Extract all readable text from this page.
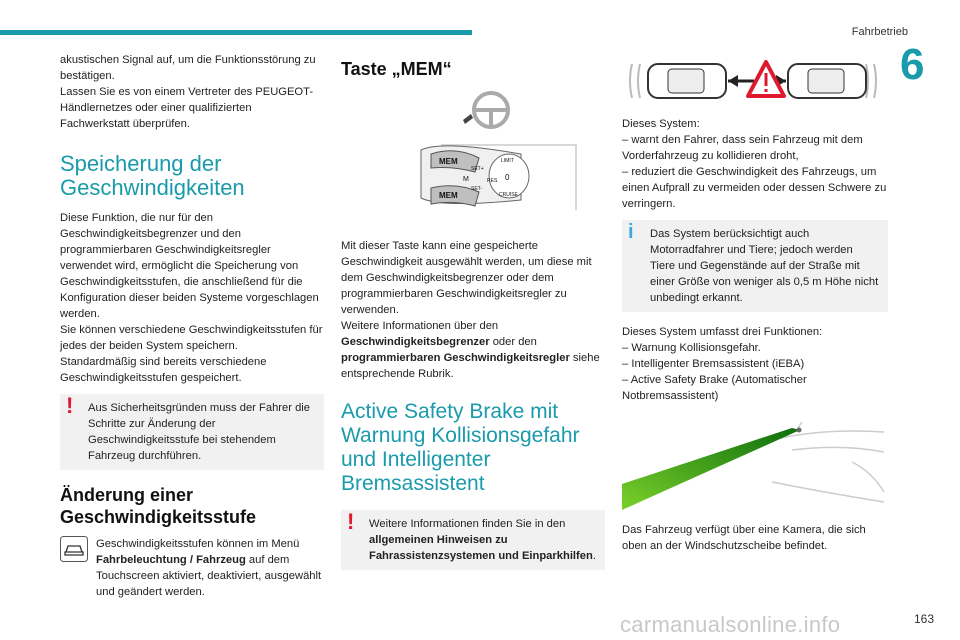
Fahrbetrieb
6

akustischen Signal auf, um die Funktionsstörung zu bestätigen.

Lassen Sie es von einem Vertreter des PEUGEOT-Händlernetzes oder einer qualifizierten Fachwerkstatt überprüfen.

Speicherung der Geschwindigkeiten

Diese Funktion, die nur für den Geschwindigkeitsbegrenzer und den programmierbaren Geschwindigkeitsregler verwendet wird, ermöglicht die Speicherung von Geschwindigkeitsstufen, die anschließend für die Konfiguration dieser beiden Systeme vorgeschlagen werden.

Sie können verschiedene Geschwindigkeitsstufen für jedes der beiden System speichern.

Standardmäßig sind bereits verschiedene Geschwindigkeitsstufen gespeichert.

!	Aus Sicherheitsgründen muss der Fahrer die Schritte zur Änderung der Geschwindigkeitsstufe bei stehendem Fahrzeug durchführen.
Änderung einer Geschwindigkeitsstufe
Geschwindigkeitsstufen können im Menü Fahrbeleuchtung / Fahrzeug auf dem Touchscreen aktiviert, deaktiviert, ausgewählt und geändert werden.
Taste „MEM“
MEM
MEM
M
SET+
SET-
LIMIT
0
CRUISE
RES

Mit dieser Taste kann eine gespeicherte Geschwindigkeit ausgewählt werden, um diese mit dem Geschwindigkeitsbegrenzer oder dem programmierbaren Geschwindigkeitsregler zu verwenden.

Weitere Informationen über den
Geschwindigkeitsbegrenzer oder den
programmierbaren Geschwindigkeitsregler siehe entsprechende Rubrik.

Active Safety Brake mit Warnung Kollisionsgefahr und Intelligenter Bremsassistent
!	Weitere Informationen finden Sie in den allgemeinen Hinweisen zu Fahrassistenzsystemen und Einparkhilfen.

Dieses System:

– warnt den Fahrer, dass sein Fahrzeug mit dem Vorderfahrzeug zu kollidieren droht,

– reduziert die Geschwindigkeit des Fahrzeugs, um einen Aufprall zu vermeiden oder dessen Schwere zu verringern.

i	Das System berücksichtigt auch Motorradfahrer und Tiere; jedoch werden Tiere und Gegenstände auf der Straße mit einer Größe von weniger als 0,5 m Höhe nicht unbedingt erkannt.

Dieses System umfasst drei Funktionen:

– Warnung Kollisionsgefahr.

– Intelligenter Bremsassistent (iEBA)

– Active Safety Brake (Automatischer Notbremsassistent)

Das Fahrzeug verfügt über eine Kamera, die sich oben an der Windschutzscheibe befindet.

carmanualsonline.info	163
